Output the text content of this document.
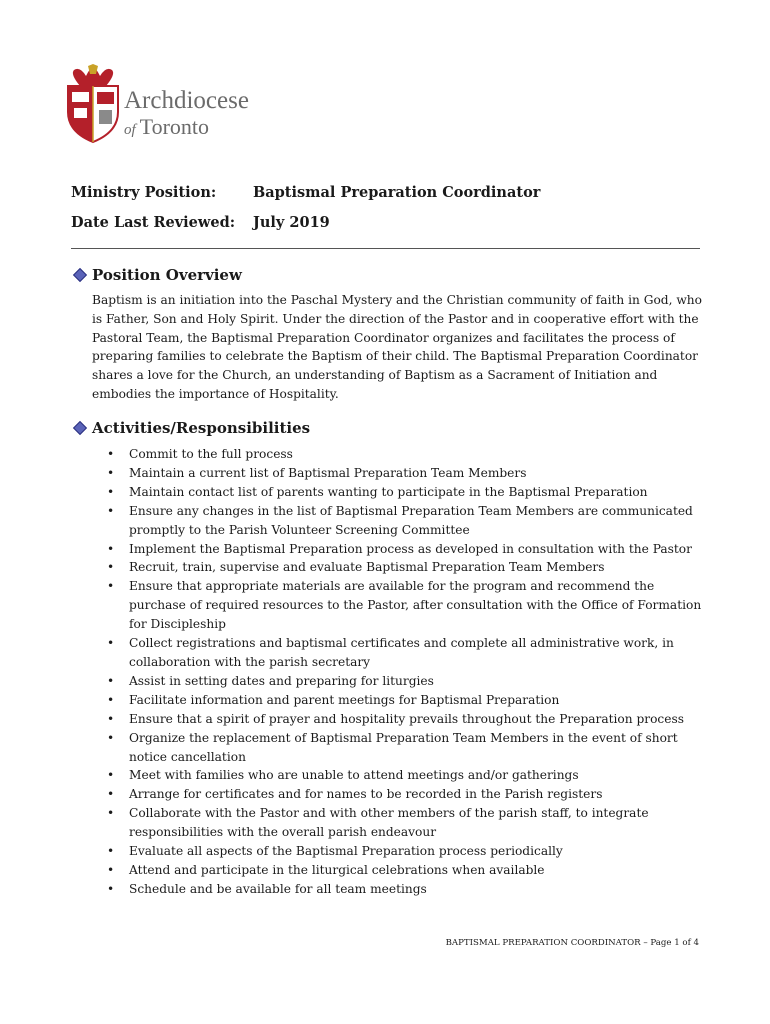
Archdiocese
of Toronto
Ministry Position:	Baptismal Preparation Coordinator
Date Last Reviewed: July 2019
Position Overview
Baptism is an initiation into the Paschal Mystery and the Christian community of faith in God, who is Father, Son and Holy Spirit. Under the direction of the Pastor and in cooperative effort with the Pastoral Team, the Baptismal Preparation Coordinator organizes and facilitates the process of preparing families to celebrate the Baptism of their child. The Baptismal Preparation Coordinator shares a love for the Church, an understanding of Baptism as a Sacrament of Initiation and embodies the importance of Hospitality.
Activities/Responsibilities
• Commit to the full process
• Maintain a current list of Baptismal Preparation Team Members
• Maintain contact list of parents wanting to participate in the Baptismal Preparation
• Ensure any changes in the list of Baptismal Preparation Team Members are communicated promptly to the Parish Volunteer Screening Committee
• Implement the Baptismal Preparation process as developed in consultation with the Pastor
• Recruit, train, supervise and evaluate Baptismal Preparation Team Members
• Ensure that appropriate materials are available for the program and recommend the purchase of required resources to the Pastor, after consultation with the Office of Formation for Discipleship
• Collect registrations and baptismal certificates and complete all administrative work, in collaboration with the parish secretary
• Assist in setting dates and preparing for liturgies
• Facilitate information and parent meetings for Baptismal Preparation
• Ensure that a spirit of prayer and hospitality prevails throughout the Preparation process
• Organize the replacement of Baptismal Preparation Team Members in the event of short notice cancellation
• Meet with families who are unable to attend meetings and/or gatherings
• Arrange for certificates and for names to be recorded in the Parish registers
• Collaborate with the Pastor and with other members of the parish staff, to integrate responsibilities with the overall parish endeavour
• Evaluate all aspects of the Baptismal Preparation process periodically
• Attend and participate in the liturgical celebrations when available
• Schedule and be available for all team meetings
BAPTISMAL PREPARATION COORDINATOR – Page 1 of 4
